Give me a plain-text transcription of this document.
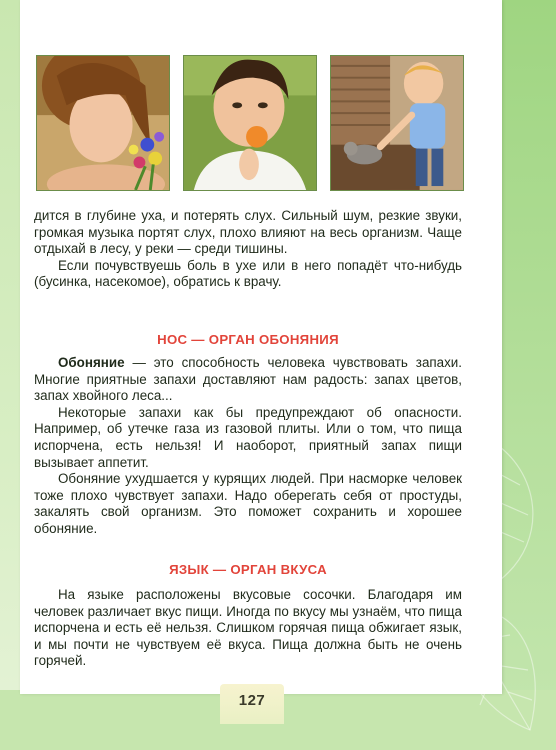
дится в глубине уха, и потерять слух. Сильный шум, резкие звуки, громкая музыка портят слух, плохо влияют на весь организм. Чаще отдыхай в лесу, у реки — среди тишины.

Если почувствуешь боль в ухе или в него попадёт что-нибудь (бусинка, насекомое), обратись к врачу.

НОС — ОРГАН ОБОНЯНИЯ

Обоняние — это способность человека чувствовать запахи. Многие приятные запахи доставляют нам радость: запах цветов, запах хвойного леса...

Некоторые запахи как бы предупреждают об опасности. Например, об утечке газа из газовой плиты. Или о том, что пища испорчена, есть нельзя! И наоборот, приятный запах пищи вызывает аппетит.

Обоняние ухудшается у курящих людей. При насморке человек тоже плохо чувствует запахи. Надо оберегать себя от простуды, закалять свой организм. Это поможет сохранить и хорошее обоняние.

ЯЗЫК — ОРГАН ВКУСА

На языке расположены вкусовые сосочки. Благодаря им человек различает вкус пищи. Иногда по вкусу мы узнаём, что пища испорчена и есть её нельзя. Слишком горячая пища обжигает язык, и мы почти не чувствуем её вкуса. Пища должна быть не очень горячей.

127
